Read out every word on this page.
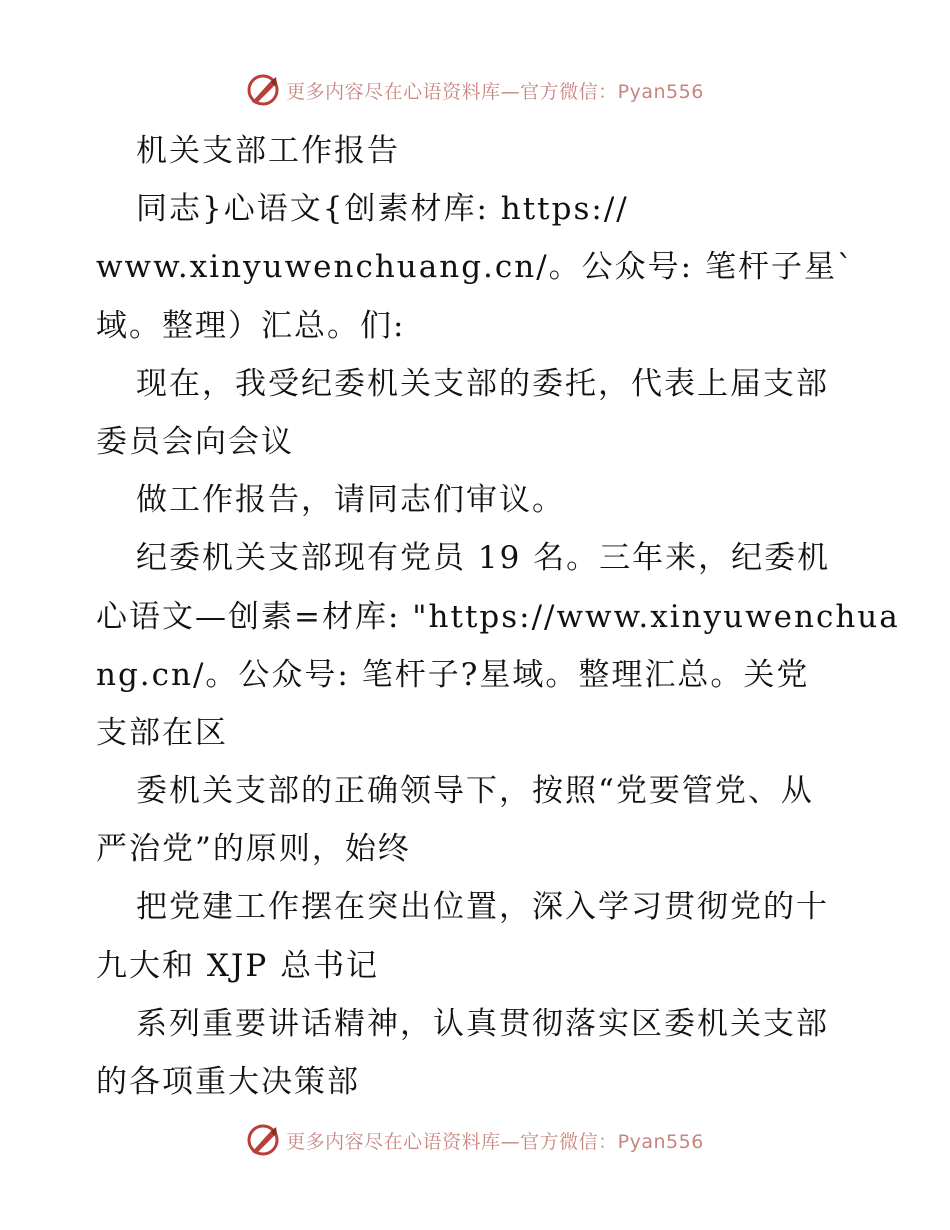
更多内容尽在心语资料库—官方微信：Pyan556
机关支部工作报告
同志}心语文{创素材库: https://
www.xinyuwenchuang.cn/。公众号: 笔杆子星`
域。整理）汇总。们:
现在，我受纪委机关支部的委托，代表上届支部
委员会向会议
做工作报告，请同志们审议。
纪委机关支部现有党员 19 名。三年来，纪委机
心语文—创素=材库: "https://www.xinyuwenchua
ng.cn/。公众号: 笔杆子?星域。整理汇总。关党
支部在区
委机关支部的正确领导下，按照“党要管党、从
严治党”的原则，始终
把党建工作摆在突出位置，深入学习贯彻党的十
九大和 XJP 总书记
系列重要讲话精神，认真贯彻落实区委机关支部
的各项重大决策部
更多内容尽在心语资料库—官方微信：Pyan556
